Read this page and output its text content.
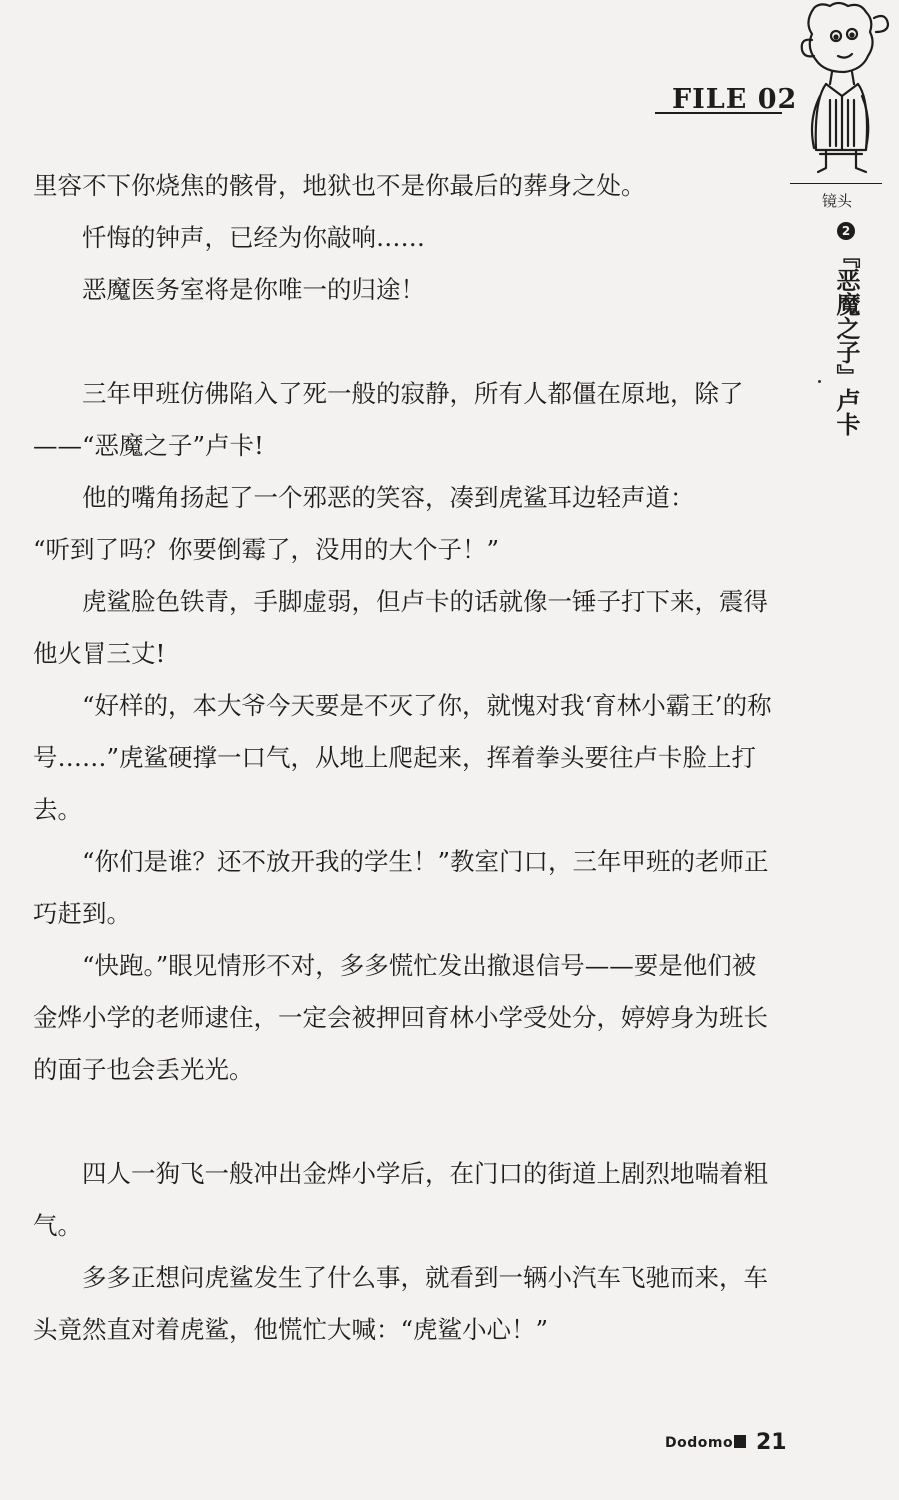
FILE 02
镜头
2
『恶魔之子』卢卡

里容不下你烧焦的骸骨，地狱也不是你最后的葬身之处。

忏悔的钟声，已经为你敲响……

恶魔医务室将是你唯一的归途！

三年甲班仿佛陷入了死一般的寂静，所有人都僵在原地，除了——“恶魔之子”卢卡!

他的嘴角扬起了一个邪恶的笑容，凑到虎鲨耳边轻声道：

“听到了吗？你要倒霉了，没用的大个子！”

虎鲨脸色铁青，手脚虚弱，但卢卡的话就像一锤子打下来，震得他火冒三丈!

“好样的，本大爷今天要是不灭了你，就愧对我‘育林小霸王’的称号……”虎鲨硬撑一口气，从地上爬起来，挥着拳头要往卢卡脸上打去。

“你们是谁？还不放开我的学生！”教室门口，三年甲班的老师正巧赶到。

“快跑。”眼见情形不对，多多慌忙发出撤退信号——要是他们被金烨小学的老师逮住，一定会被押回育林小学受处分，婷婷身为班长的面子也会丢光光。

四人一狗飞一般冲出金烨小学后，在门口的街道上剧烈地喘着粗气。

多多正想问虎鲨发生了什么事，就看到一辆小汽车飞驰而来，车头竟然直对着虎鲨，他慌忙大喊：“虎鲨小心！”

Dodomo	21
